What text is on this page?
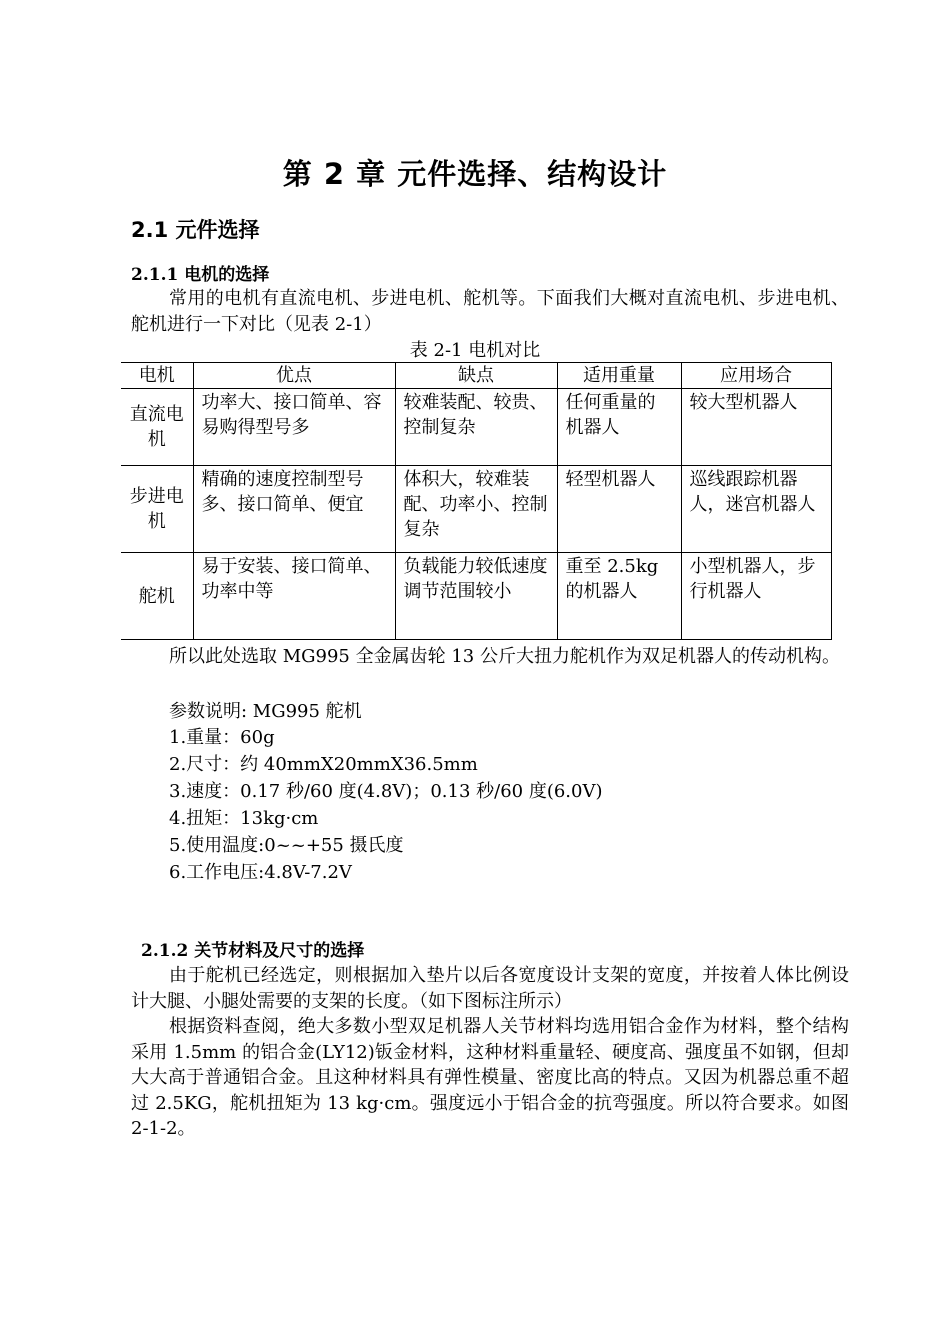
第 2 章 元件选择、结构设计
2.1 元件选择
2.1.1 电机的选择
常用的电机有直流电机、步进电机、舵机等。下面我们大概对直流电机、步进电机、舵机进行一下对比（见表 2-1）
表 2-1 电机对比
电机	优点	缺点	适用重量	应用场合
直流电机	功率大、接口简单、容易购得型号多	较难装配、较贵、控制复杂	任何重量的机器人	较大型机器人
步进电机	精确的速度控制型号多、接口简单、便宜	体积大，较难装配、功率小、控制复杂	轻型机器人	巡线跟踪机器人，迷宫机器人
舵机	易于安装、接口简单、功率中等	负载能力较低速度调节范围较小	重至 2.5kg 的机器人	小型机器人，步行机器人
所以此处选取 MG995 全金属齿轮 13 公斤大扭力舵机作为双足机器人的传动机构。
参数说明: MG995 舵机
1.重量：60g
2.尺寸：约 40mmX20mmX36.5mm
3.速度：0.17 秒/60 度(4.8V)；0.13 秒/60 度(6.0V)
4.扭矩：13kg·cm
5.使用温度:0~~+55 摄氏度
6.工作电压:4.8V-7.2V
2.1.2 关节材料及尺寸的选择
由于舵机已经选定，则根据加入垫片以后各宽度设计支架的宽度，并按着人体比例设计大腿、小腿处需要的支架的长度。（如下图标注所示）
根据资料查阅，绝大多数小型双足机器人关节材料均选用铝合金作为材料，整个结构采用 1.5mm 的铝合金(LY12)钣金材料，这种材料重量轻、硬度高、强度虽不如钢，但却大大高于普通铝合金。且这种材料具有弹性模量、密度比高的特点。又因为机器总重不超过 2.5KG，舵机扭矩为 13 kg·cm。强度远小于铝合金的抗弯强度。所以符合要求。如图 2-1-2。
